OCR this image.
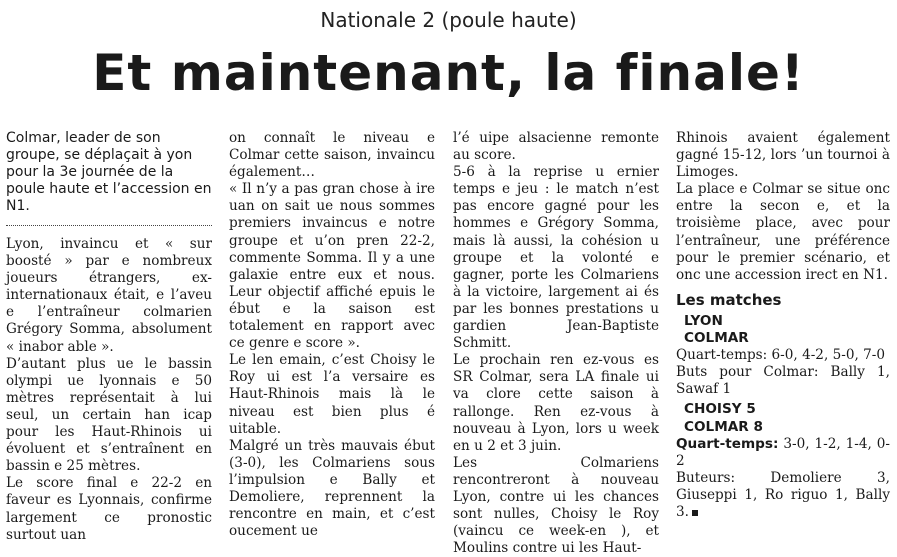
Nationale 2 (poule haute)
Et maintenant, la finale!

Colmar, leader de son groupe, se déplaçait à yon pour la 3e journée de la poule haute et l’accession en N1.

Lyon, invaincu et « sur boosté » par e nombreux joueurs étrangers, ex-internationaux était, e l’aveu e l’entraîneur colmarien Grégory Somma, absolument « inabor able ».

D’autant plus ue le bassin olympi ue lyonnais e 50 mètres représentait à lui seul, un certain han icap pour les Haut-Rhinois ui évoluent et s’entraînent en bassin e 25 mètres.

Le score final e 22-2 en faveur es Lyonnais, confirme largement ce pronostic surtout uan

on connaît le niveau e Colmar cette saison, invaincu également…

« Il n’y a pas gran chose à ire uan on sait ue nous sommes premiers invaincus e notre groupe et u’on pren 22-2, commente Somma. Il y a une galaxie entre eux et nous. Leur objectif affiché epuis le ébut e la saison est totalement en rapport avec ce genre e score ».

Le len emain, c’est Choisy le Roy ui est l’a versaire es Haut-Rhinois mais là le niveau est bien plus é uitable.

Malgré un très mauvais ébut (3-0), les Colmariens sous l’impulsion e Bally et Demoliere, reprennent la rencontre en main, et c’est oucement ue

l’é uipe alsacienne remonte au score.

5-6 à la reprise u ernier temps e jeu : le match n’est pas encore gagné pour les hommes e Grégory Somma, mais là aussi, la cohésion u groupe et la volonté e gagner, porte les Colmariens à la victoire, largement ai és par les bonnes prestations u gardien Jean-Baptiste Schmitt.

Le prochain ren ez-vous es SR Colmar, sera LA finale ui va clore cette saison à rallonge. Ren ez-vous à nouveau à Lyon, lors u week en u 2 et 3 juin.

Les Colmariens rencontreront à nouveau Lyon, contre ui les chances sont nulles, Choisy le Roy (vaincu ce week-en ), et Moulins contre ui les Haut-

Rhinois avaient également gagné 15-12, lors ’un tournoi à Limoges.

La place e Colmar se situe onc entre la secon e, et la troisième place, avec pour l’entraîneur, une préférence pour le premier scénario, et onc une accession irect en N1.

Les matches
LYON
COLMAR

Quart-temps: 6-0, 4-2, 5-0, 7-0

Buts pour Colmar: Bally 1, Sawaf 1

CHOISY 5
COLMAR 8

Quart-temps: 3-0, 1-2, 1-4, 0-2

Buteurs: Demoliere 3, Giuseppi 1, Ro riguo 1, Bally 3.
